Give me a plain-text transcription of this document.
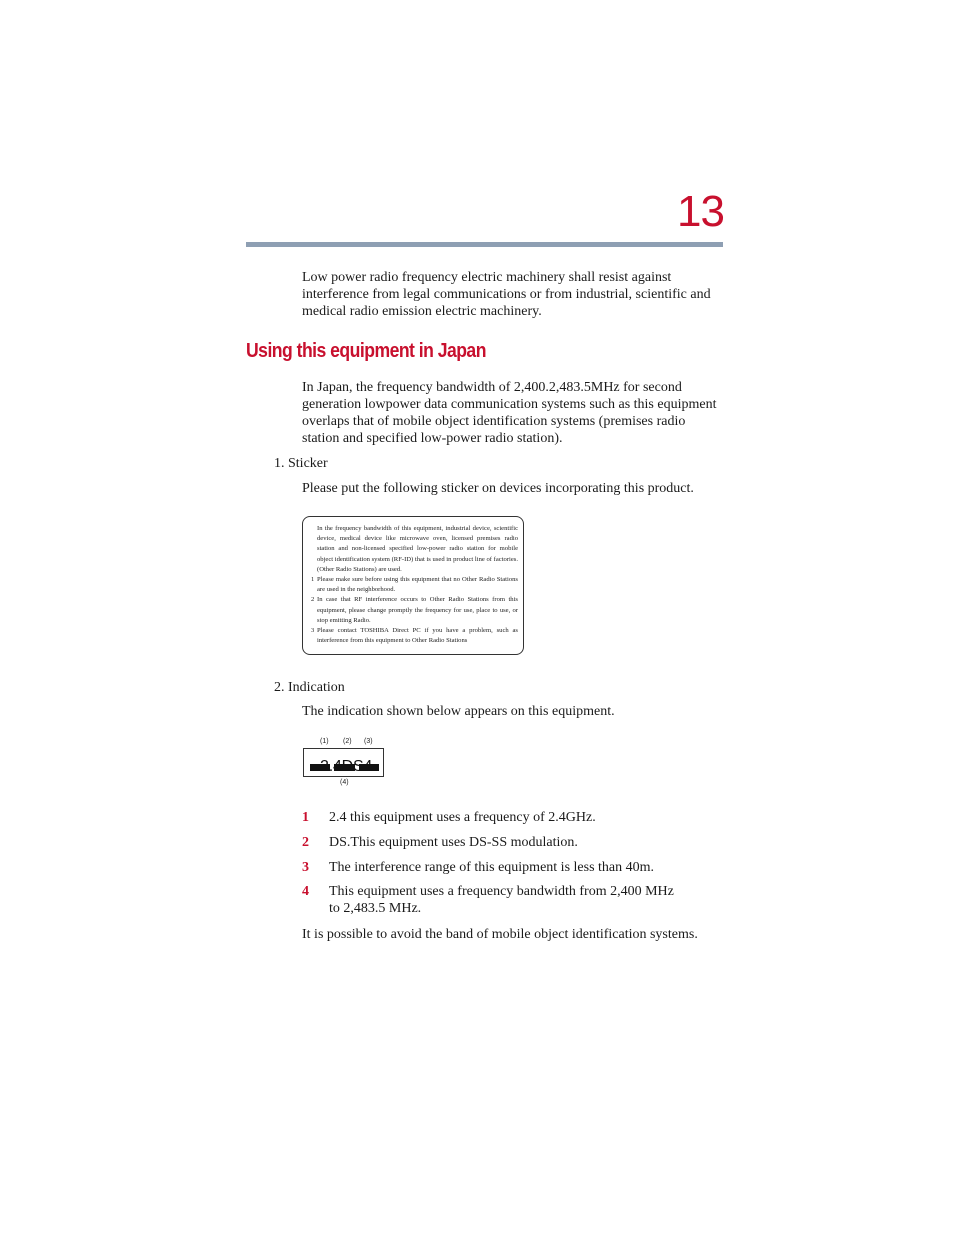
13
Low power radio frequency electric machinery shall resist against interference from legal communications or from industrial, scientific and medical radio emission electric machinery.
Using this equipment in Japan
In Japan, the frequency bandwidth of 2,400.2,483.5MHz for second generation lowpower data communication systems such as this equipment overlaps that of mobile object identification systems (premises radio station and specified low-power radio station).
1. Sticker
Please put the following sticker on devices incorporating this product.

In the frequency bandwidth of this equipment, industrial device, scientific device, medical device like microwave oven, licensed premises radio station and non-licensed specified low-power radio station for mobile object identification system (RF-ID) that is used in product line of factories.(Other Radio Stations) are used.

1 Please make sure before using this equipment that no Other Radio Stations are used in the neighborhood.

2 In case that RF interference occurs to Other Radio Stations from this equipment, please change promptly the frequency for use, place to use, or stop emitting Radio.

3 Please contact TOSHIBA Direct PC if you have a problem, such as interference from this equipment to Other Radio Stations

2. Indication
The indication shown below appears on this equipment.
(1) (2) (3)
(4)
1 2.4 this equipment uses a frequency of 2.4GHz.
2 DS.This equipment uses DS-SS modulation.
3 The interference range of this equipment is less than 40m.
4 This equipment uses a frequency bandwidth from 2,400 MHz to 2,483.5 MHz.
It is possible to avoid the band of mobile object identification systems.
